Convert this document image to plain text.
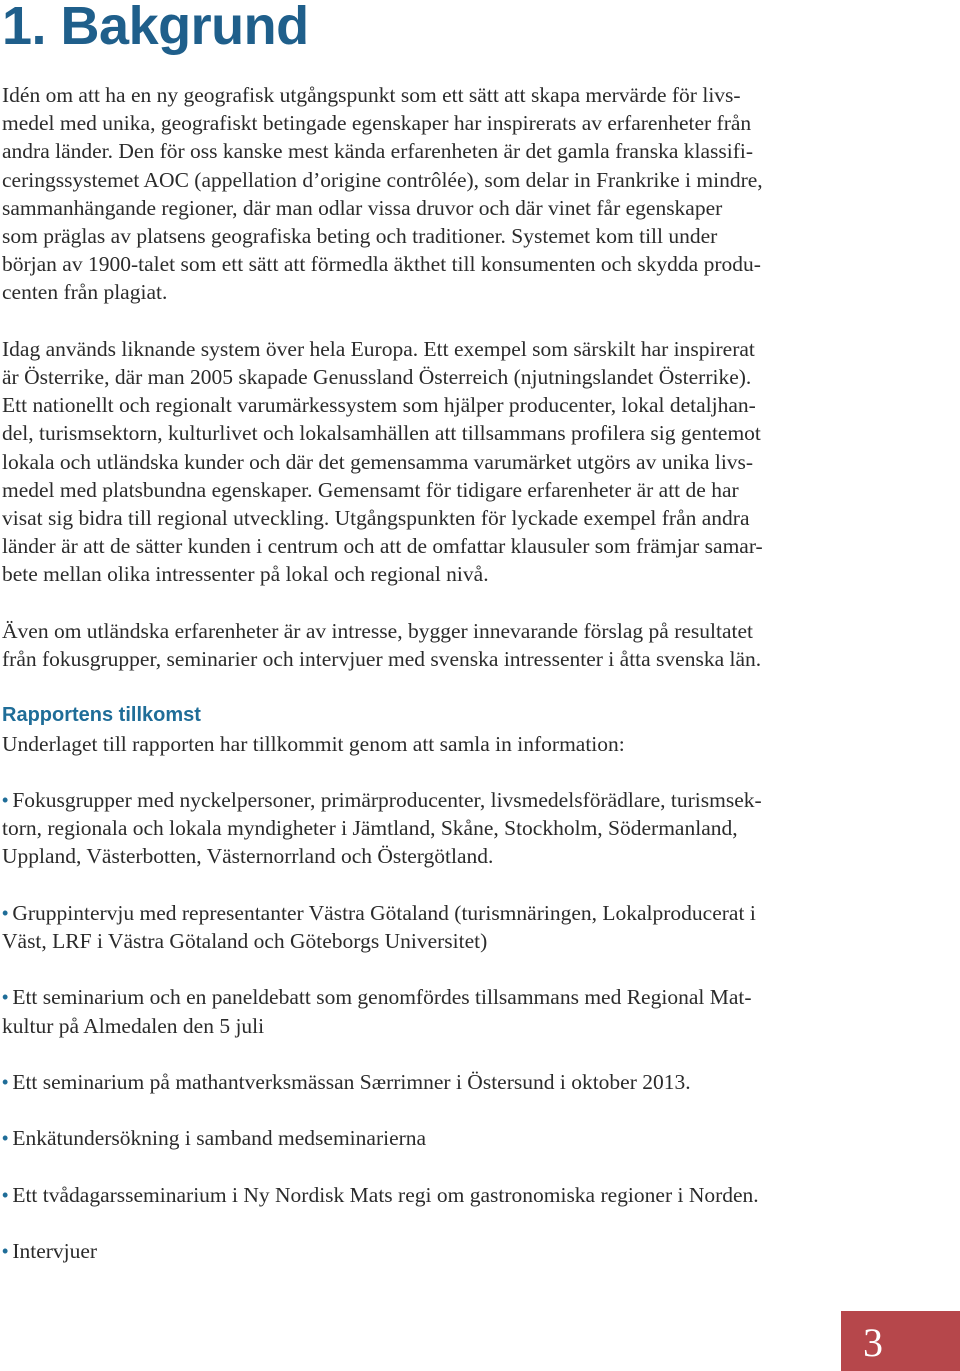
1. Bakgrund

Idén om att ha en ny geografisk utgångspunkt som ett sätt att skapa mervärde för livs-
medel med unika, geografiskt betingade egenskaper har inspirerats av erfarenheter från
andra länder. Den för oss kanske mest kända erfarenheten är det gamla franska klassifi-
ceringssystemet AOC (appellation d’origine contrôlée), som delar in Frankrike i mindre,
sammanhängande regioner, där man odlar vissa druvor och där vinet får egenskaper
som präglas av platsens geografiska beting och traditioner. Systemet kom till under
början av 1900-talet som ett sätt att förmedla äkthet till konsumenten och skydda produ-
centen från plagiat.

Idag används liknande system över hela Europa. Ett exempel som särskilt har inspirerat
är Österrike, där man 2005 skapade Genussland Österreich (njutningslandet Österrike).
Ett nationellt och regionalt varumärkessystem som hjälper producenter, lokal detaljhan-
del, turismsektorn, kulturlivet och lokalsamhällen att tillsammans profilera sig gentemot
lokala och utländska kunder och där det gemensamma varumärket utgörs av unika livs-
medel med platsbundna egenskaper. Gemensamt för tidigare erfarenheter är att de har
visat sig bidra till regional utveckling. Utgångspunkten för lyckade exempel från andra
länder är att de sätter kunden i centrum och att de omfattar klausuler som främjar samar-
bete mellan olika intressenter på lokal och regional nivå.

Även om utländska erfarenheter är av intresse, bygger innevarande förslag på resultatet
från fokusgrupper, seminarier och intervjuer med svenska intressenter i åtta svenska län.

Rapportens tillkomst
Underlaget till rapporten har tillkommit genom att samla in information:

• Fokusgrupper med nyckelpersoner, primärproducenter, livsmedelsförädlare, turismsek-
torn, regionala och lokala myndigheter i Jämtland, Skåne, Stockholm, Södermanland,
Uppland, Västerbotten, Västernorrland och Östergötland.

• Gruppintervju med representanter Västra Götaland (turismnäringen, Lokalproducerat i
Väst, LRF i Västra Götaland och Göteborgs Universitet)

• Ett seminarium och en paneldebatt som genomfördes tillsammans med Regional Mat-
kultur på Almedalen den 5 juli

• Ett seminarium på mathantverksmässan Særrimner i Östersund i oktober 2013.

• Enkätundersökning i samband medseminarierna

• Ett tvådagarsseminarium i Ny Nordisk Mats regi om gastronomiska regioner i Norden.

• Intervjuer

3
